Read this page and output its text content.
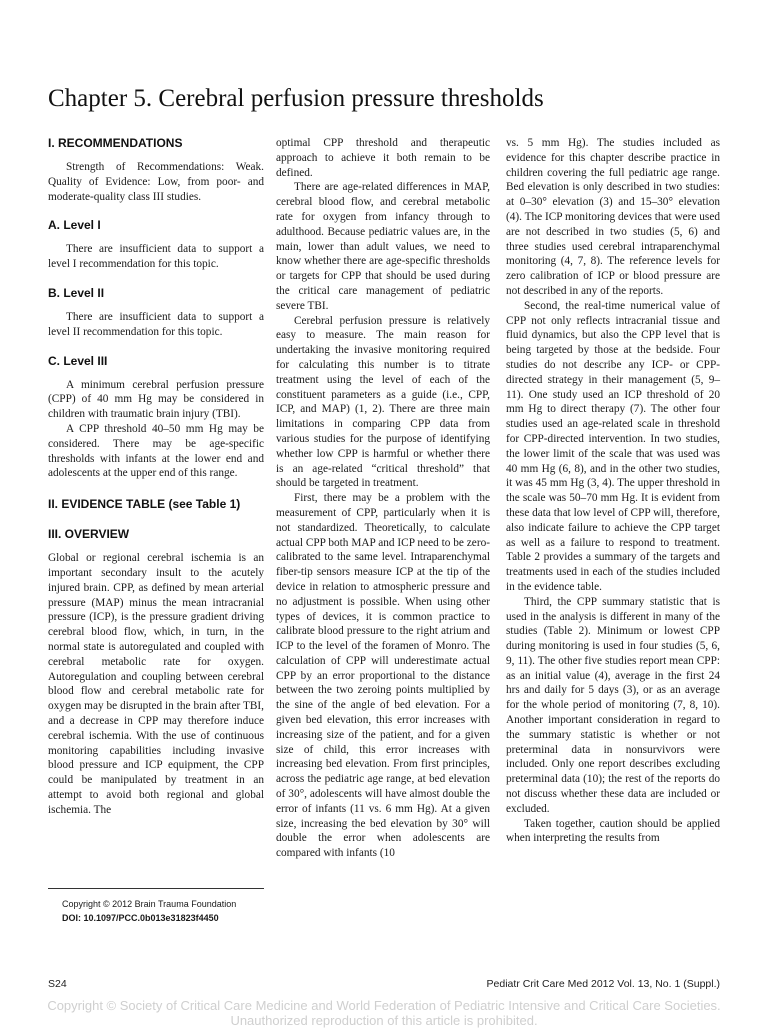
Chapter 5. Cerebral perfusion pressure thresholds

I. RECOMMENDATIONS

Strength of Recommendations: Weak. Quality of Evidence: Low, from poor- and moderate-quality class III studies.

A. Level I

There are insufficient data to support a level I recommendation for this topic.

B. Level II

There are insufficient data to support a level II recommendation for this topic.

C. Level III

A minimum cerebral perfusion pressure (CPP) of 40 mm Hg may be considered in children with traumatic brain injury (TBI).

A CPP threshold 40–50 mm Hg may be considered. There may be age-specific thresholds with infants at the lower end and adolescents at the upper end of this range.

II. EVIDENCE TABLE (see Table 1)

III. OVERVIEW

Global or regional cerebral ischemia is an important secondary insult to the acutely injured brain. CPP, as defined by mean arterial pressure (MAP) minus the mean intracranial pressure (ICP), is the pressure gradient driving cerebral blood flow, which, in turn, in the normal state is autoregulated and coupled with cerebral metabolic rate for oxygen. Autoregulation and coupling between cerebral blood flow and cerebral metabolic rate for oxygen may be disrupted in the brain after TBI, and a decrease in CPP may therefore induce cerebral ischemia. With the use of continuous monitoring capabilities including invasive blood pressure and ICP equipment, the CPP could be manipulated by treatment in an attempt to avoid both regional and global ischemia. The

optimal CPP threshold and therapeutic approach to achieve it both remain to be defined.

There are age-related differences in MAP, cerebral blood flow, and cerebral metabolic rate for oxygen from infancy through to adulthood. Because pediatric values are, in the main, lower than adult values, we need to know whether there are age-specific thresholds or targets for CPP that should be used during the critical care management of pediatric severe TBI.

Cerebral perfusion pressure is relatively easy to measure. The main reason for undertaking the invasive monitoring required for calculating this number is to titrate treatment using the level of each of the constituent parameters as a guide (i.e., CPP, ICP, and MAP) (1, 2). There are three main limitations in comparing CPP data from various studies for the purpose of identifying whether low CPP is harmful or whether there is an age-related “critical threshold” that should be targeted in treatment.

First, there may be a problem with the measurement of CPP, particularly when it is not standardized. Theoretically, to calculate actual CPP both MAP and ICP need to be zero-calibrated to the same level. Intraparenchymal fiber-tip sensors measure ICP at the tip of the device in relation to atmospheric pressure and no adjustment is possible. When using other types of devices, it is common practice to calibrate blood pressure to the right atrium and ICP to the level of the foramen of Monro. The calculation of CPP will underestimate actual CPP by an error proportional to the distance between the two zeroing points multiplied by the sine of the angle of bed elevation. For a given bed elevation, this error increases with increasing size of the patient, and for a given size of child, this error increases with increasing bed elevation. From first principles, across the pediatric age range, at bed elevation of 30°, adolescents will have almost double the error of infants (11 vs. 6 mm Hg). At a given size, increasing the bed elevation by 30° will double the error when adolescents are compared with infants (10

vs. 5 mm Hg). The studies included as evidence for this chapter describe practice in children covering the full pediatric age range. Bed elevation is only described in two studies: at 0–30° elevation (3) and 15–30° elevation (4). The ICP monitoring devices that were used are not described in two studies (5, 6) and three studies used cerebral intraparenchymal monitoring (4, 7, 8). The reference levels for zero calibration of ICP or blood pressure are not described in any of the reports.

Second, the real-time numerical value of CPP not only reflects intracranial tissue and fluid dynamics, but also the CPP level that is being targeted by those at the bedside. Four studies do not describe any ICP- or CPP-directed strategy in their management (5, 9–11). One study used an ICP threshold of 20 mm Hg to direct therapy (7). The other four studies used an age-related scale in threshold for CPP-directed intervention. In two studies, the lower limit of the scale that was used was 40 mm Hg (6, 8), and in the other two studies, it was 45 mm Hg (3, 4). The upper threshold in the scale was 50–70 mm Hg. It is evident from these data that low level of CPP will, therefore, also indicate failure to achieve the CPP target as well as a failure to respond to treatment. Table 2 provides a summary of the targets and treatments used in each of the studies included in the evidence table.

Third, the CPP summary statistic that is used in the analysis is different in many of the studies (Table 2). Minimum or lowest CPP during monitoring is used in four studies (5, 6, 9, 11). The other five studies report mean CPP: as an initial value (4), average in the first 24 hrs and daily for 5 days (3), or as an average for the whole period of monitoring (7, 8, 10). Another important consideration in regard to the summary statistic is whether or not preterminal data in nonsurvivors were included. Only one report describes excluding preterminal data (10); the rest of the reports do not discuss whether these data are included or excluded.

Taken together, caution should be applied when interpreting the results from

Copyright © 2012 Brain Trauma Foundation
DOI: 10.1097/PCC.0b013e31823f4450
S24	Pediatr Crit Care Med 2012 Vol. 13, No. 1 (Suppl.)
Copyright © Society of Critical Care Medicine and World Federation of Pediatric Intensive and Critical Care Societies.
Unauthorized reproduction of this article is prohibited.
